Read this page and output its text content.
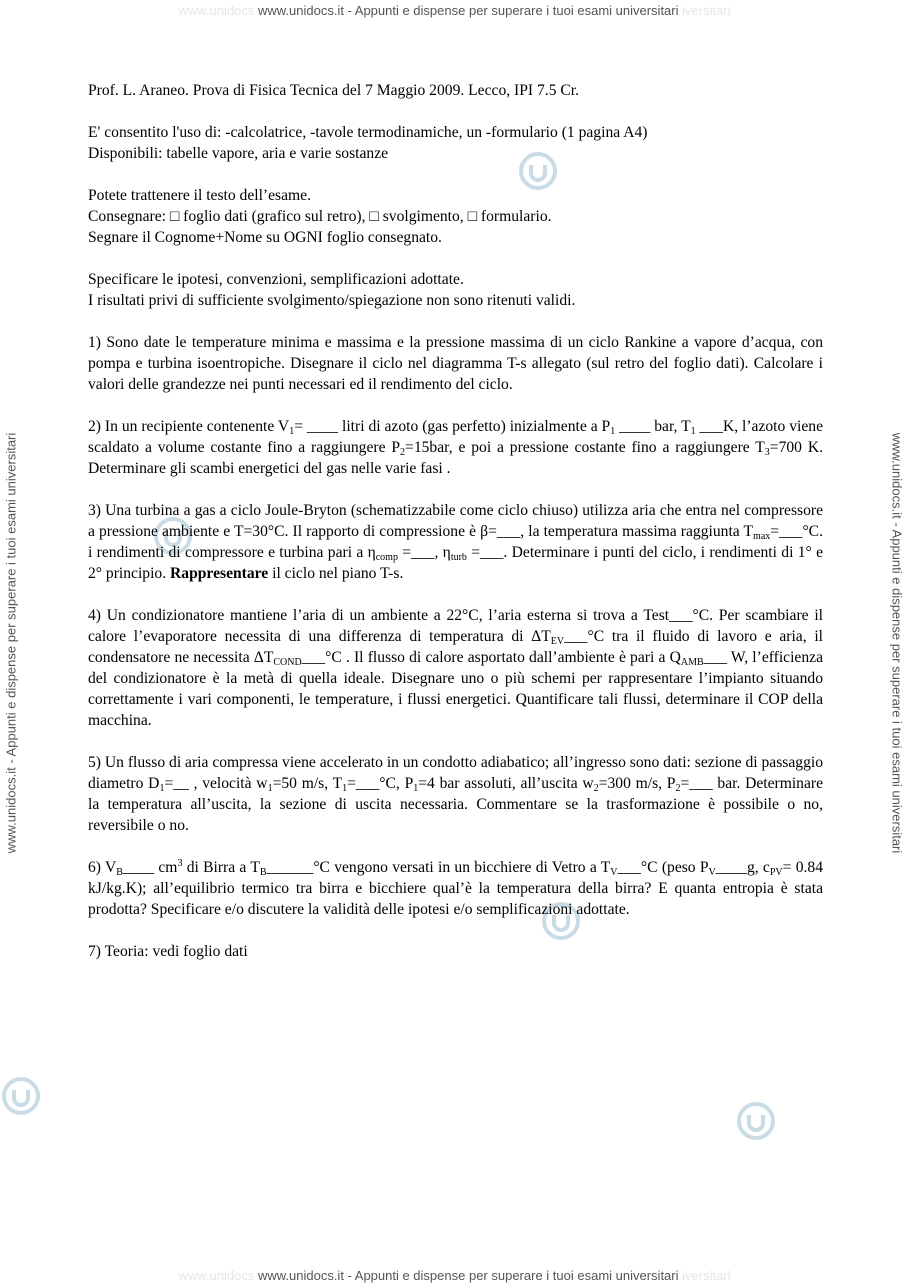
www.unidocs www.unidocs.it - Appunti e dispense per superare i tuoi esami universitari iversitari
www.unidocs.it - Appunti e dispense per superare i tuoi esami universitari	www.unidocs.it - Appunti e dispense per superare i tuoi esami universitari

Prof. L. Araneo. Prova di Fisica Tecnica del 7 Maggio 2009. Lecco, IPI 7.5 Cr.

E' consentito l'uso di: -calcolatrice, -tavole termodinamiche, un -formulario (1 pagina A4)

Disponibili: tabelle vapore, aria e varie sostanze

Potete trattenere il testo dell’esame.

Consegnare: □ foglio dati (grafico sul retro), □ svolgimento, □ formulario.

Segnare il Cognome+Nome su OGNI foglio consegnato.

Specificare le ipotesi, convenzioni, semplificazioni adottate.

I risultati privi di sufficiente svolgimento/spiegazione non sono ritenuti validi.

1) Sono date le temperature minima e massima e la pressione massima di un ciclo Rankine a vapore d’acqua, con pompa e turbina isoentropiche. Disegnare il ciclo nel diagramma T-s allegato (sul retro del foglio dati). Calcolare i valori delle grandezze nei punti necessari ed il rendimento del ciclo.

2) In un recipiente contenente $V_1=$ ____ litri di azoto (gas perfetto) inizialmente a $P_1$ ____ bar, $T_1$ ___K, l’azoto viene scaldato a volume costante fino a raggiungere $P_2=15bar$, e poi a pressione costante fino a raggiungere $T_3=700$ K. Determinare gli scambi energetici del gas nelle varie fasi .

3) Una turbina a gas a ciclo Joule-Bryton (schematizzabile come ciclo chiuso) utilizza aria che entra nel compressore a pressione ambiente e T=30°C. Il rapporto di compressione è β=___, la temperatura massima raggiunta $T_{max}=\_\_\_^\circ C$. i rendimenti di compressore e turbina pari a $\eta_{comp}$ =___, $\eta_{turb}$ =___. Determinare i punti del ciclo, i rendimenti di 1° e 2° principio. Rappresentare il ciclo nel piano T-s.

4) Un condizionatore mantiene l’aria di un ambiente a 22°C, l’aria esterna si trova a Test___°C. Per scambiare il calore l’evaporatore necessita di una differenza di temperatura di $\Delta T_{EV}\_\_\_^\circ C$ tra il fluido di lavoro e aria, il condensatore ne necessita $\Delta T_{COND}\_\_\_^\circ C$ . Il flusso di calore asportato dall’ambiente è pari a $Q_{AMB}\_\_\_$ W, l’efficienza del condizionatore è la metà di quella ideale. Disegnare uno o più schemi per rappresentare l’impianto situando correttamente i vari componenti, le temperature, i flussi energetici. Quantificare tali flussi, determinare il COP della macchina.

5) Un flusso di aria compressa viene accelerato in un condotto adiabatico; all’ingresso sono dati: sezione di passaggio diametro $D_1=\_\_$ , velocità $w_1=50$ m/s, $T_1=\_\_\_^\circ C$, $P_1=4$ bar assoluti, all’uscita $w_2=300$ m/s, $P_2=\_\_\_$ bar. Determinare la temperatura all’uscita, la sezione di uscita necessaria. Commentare se la trasformazione è possibile o no, reversibile o no.

6) $V_B\_\_\_\_$ $cm^3$ di Birra a $T_B\_\_\_\_\_\_^\circ C$ vengono versati in un bicchiere di Vetro a $T_V\_\_\_^\circ C$ (peso $P_V\_\_\_\_g$, $c_{PV}= 0.84$ kJ/kg.K); all’equilibrio termico tra birra e bicchiere qual’è la temperatura della birra? E quanta entropia è stata prodotta? Specificare e/o discutere la validità delle ipotesi e/o semplificazioni adottate.

7) Teoria: vedi foglio dati

www.unidocs www.unidocs.it - Appunti e dispense per superare i tuoi esami universitari iversitari
